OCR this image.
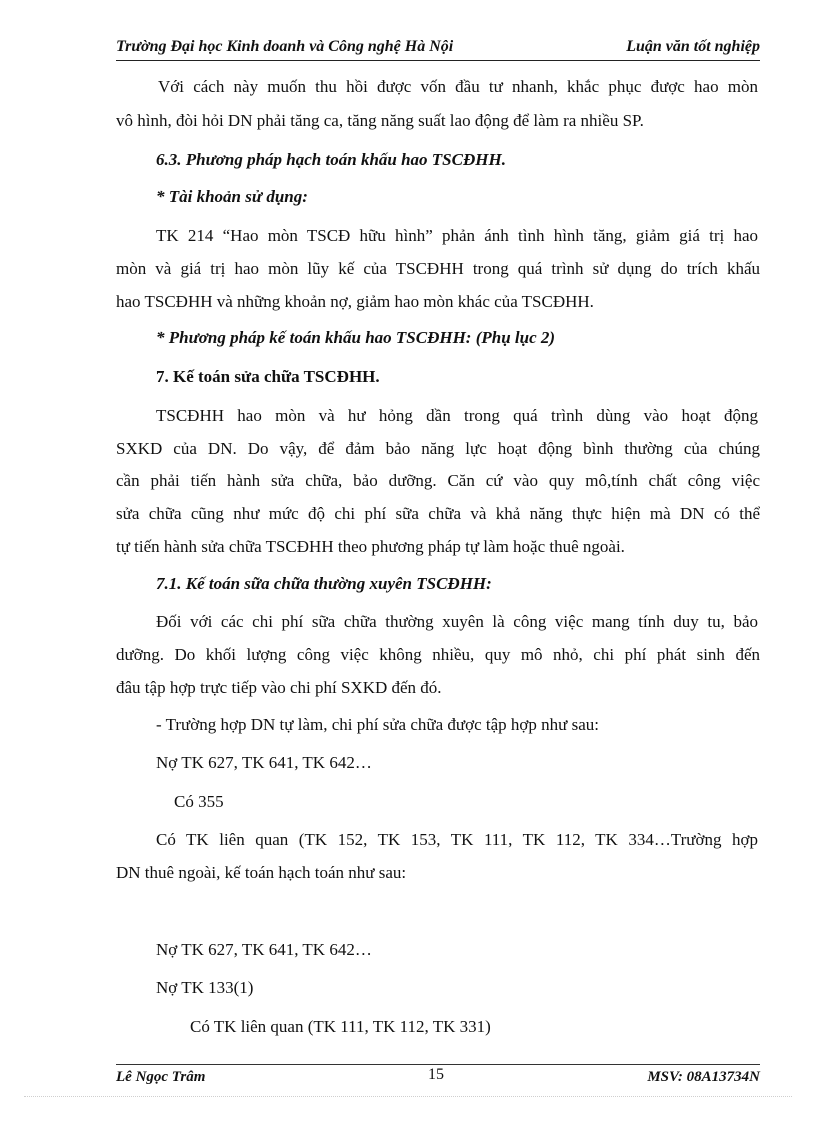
Trường Đại học Kinh doanh và Công nghệ Hà Nội	Luận văn tốt nghiệp
Với cách này muốn thu hồi được vốn đầu tư nhanh, khắc phục được hao mòn
vô hình, đòi hỏi DN phải tăng ca, tăng năng suất lao động để làm ra nhiều SP.
6.3. Phương pháp hạch toán khấu hao TSCĐHH.
* Tài khoản sử dụng:
TK 214 “Hao mòn TSCĐ hữu hình” phản ánh tình hình tăng, giảm giá trị hao
mòn và giá trị hao mòn lũy kế của TSCĐHH trong quá trình sử dụng do trích khấu
hao TSCĐHH và những khoản nợ, giảm hao mòn khác của TSCĐHH.
* Phương pháp kế toán khấu hao TSCĐHH: (Phụ lục 2)
7. Kế toán sửa chữa TSCĐHH.
TSCĐHH hao mòn và hư hỏng dần trong quá trình dùng vào hoạt động
SXKD của DN. Do vậy, để đảm bảo năng lực hoạt động bình thường của chúng
cần phải tiến hành sửa chữa, bảo dưỡng. Căn cứ vào quy mô,tính chất công việc
sửa chữa cũng như mức độ chi phí sữa chữa và khả năng thực hiện mà DN có thể
tự tiến hành sửa chữa TSCĐHH theo phương pháp tự làm hoặc thuê ngoài.
7.1. Kế toán sữa chữa thường xuyên TSCĐHH:
Đối với các chi phí sữa chữa thường xuyên là công việc mang tính duy tu, bảo
dưỡng. Do khối lượng công việc không nhiều, quy mô nhỏ, chi phí phát sinh đến
đâu tập hợp trực tiếp vào chi phí SXKD đến đó.
- Trường hợp DN tự làm, chi phí sửa chữa được tập hợp như sau:
Nợ TK 627, TK 641, TK 642…
Có 355
Có TK liên quan (TK 152, TK 153, TK 111, TK 112, TK 334…Trường hợp
DN thuê ngoài, kế toán hạch toán như sau:
Nợ TK 627, TK 641, TK 642…
Nợ TK 133(1)
Có TK liên quan (TK 111, TK 112, TK 331)
Lê Ngọc Trâm	15	MSV: 08A13734N
